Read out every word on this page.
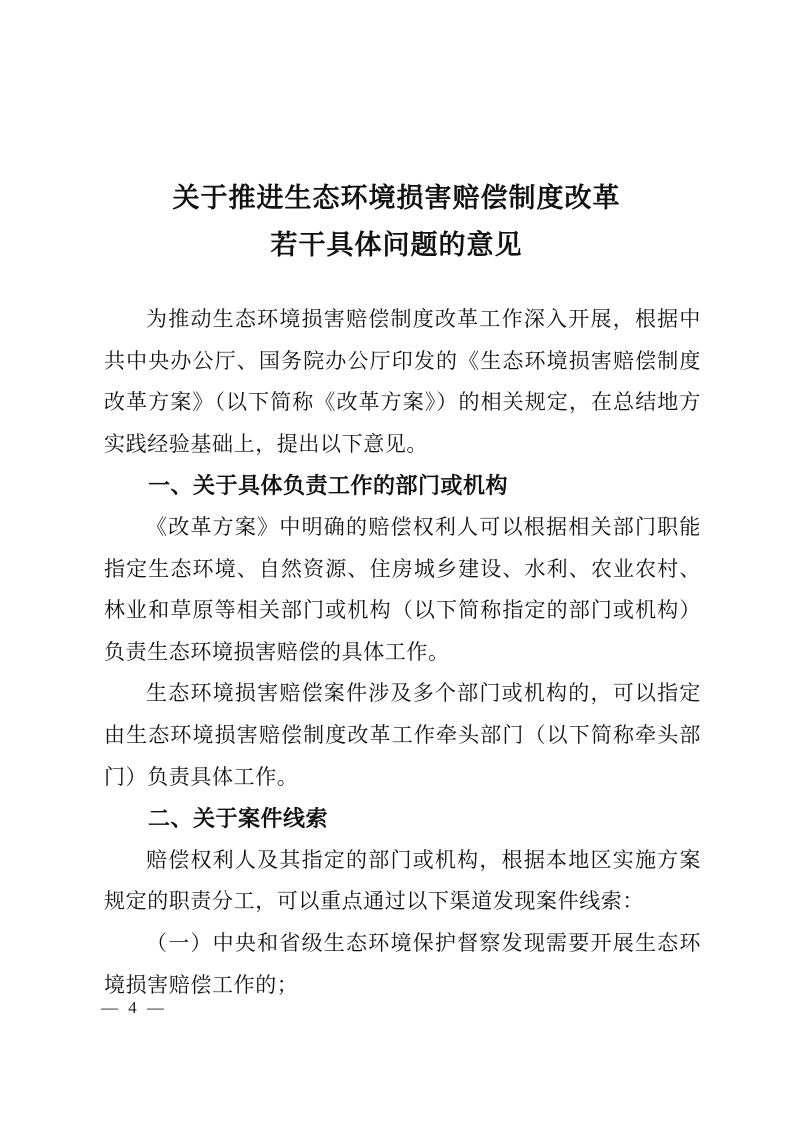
关于推进生态环境损害赔偿制度改革
若干具体问题的意见
为推动生态环境损害赔偿制度改革工作深入开展，根据中共中央办公厅、国务院办公厅印发的《生态环境损害赔偿制度改革方案》（以下简称《改革方案》）的相关规定，在总结地方实践经验基础上，提出以下意见。
一、关于具体负责工作的部门或机构
《改革方案》中明确的赔偿权利人可以根据相关部门职能指定生态环境、自然资源、住房城乡建设、水利、农业农村、林业和草原等相关部门或机构（以下简称指定的部门或机构）负责生态环境损害赔偿的具体工作。
生态环境损害赔偿案件涉及多个部门或机构的，可以指定由生态环境损害赔偿制度改革工作牵头部门（以下简称牵头部门）负责具体工作。
二、关于案件线索
赔偿权利人及其指定的部门或机构，根据本地区实施方案规定的职责分工，可以重点通过以下渠道发现案件线索：
（一）中央和省级生态环境保护督察发现需要开展生态环境损害赔偿工作的；
— 4 —
